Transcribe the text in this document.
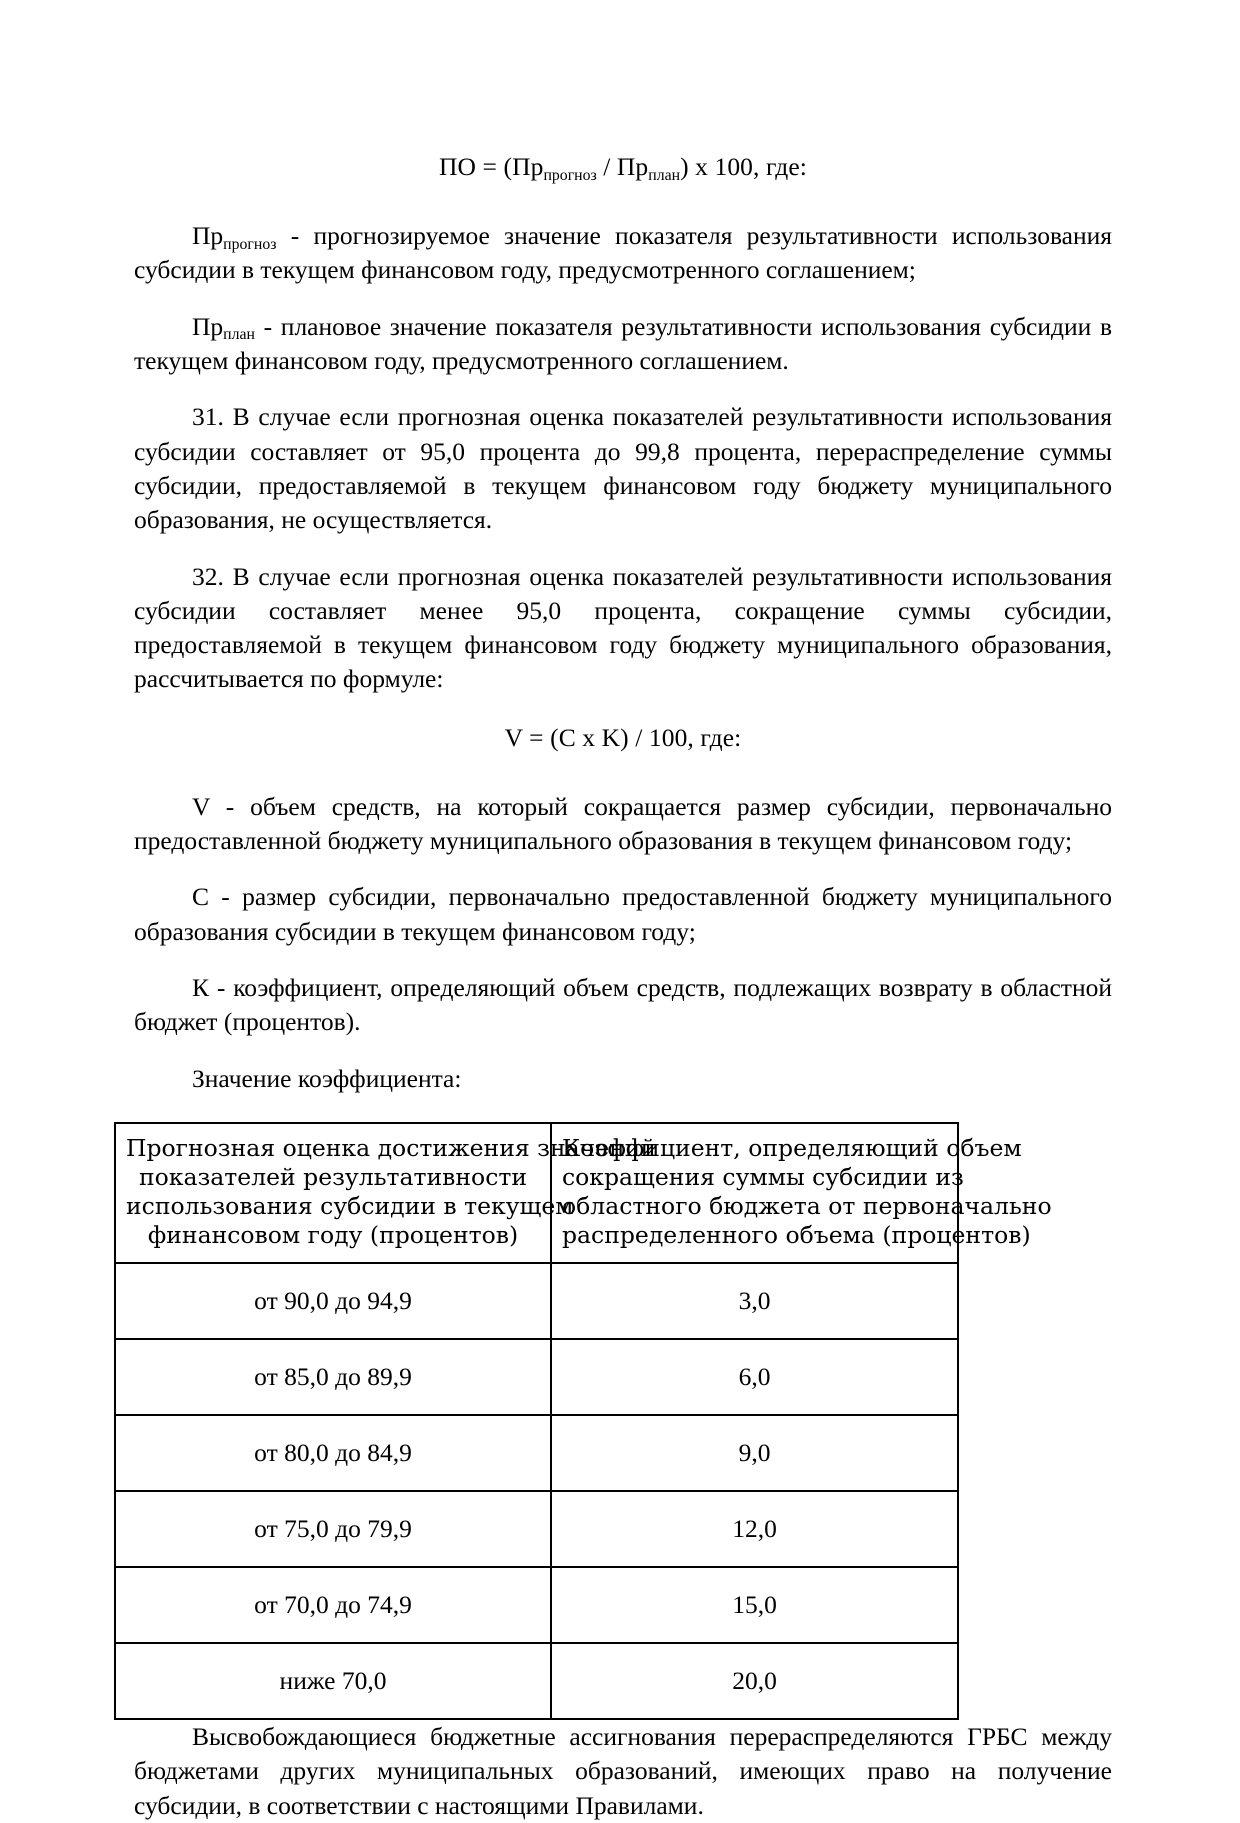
ПО = $(Пр_{прогноз} / Пр_{план})$ x 100, где:

$Пр_{прогноз}$ - прогнозируемое значение показателя результативности использования субсидии в текущем финансовом году, предусмотренного соглашением;

$Пр_{план}$ - плановое значение показателя результативности использования субсидии в текущем финансовом году, предусмотренного соглашением.

31. В случае если прогнозная оценка показателей результативности использования субсидии составляет от 95,0 процента до 99,8 процента, перераспределение суммы субсидии, предоставляемой в текущем финансовом году бюджету муниципального образования, не осуществляется.

32. В случае если прогнозная оценка показателей результативности использования субсидии составляет менее 95,0 процента, сокращение суммы субсидии, предоставляемой в текущем финансовом году бюджету муниципального образования, рассчитывается по формуле:

V = (C x K) / 100, где:

V - объем средств, на который сокращается размер субсидии, первоначально предоставленной бюджету муниципального образования в текущем финансовом году;

C - размер субсидии, первоначально предоставленной бюджету муниципального образования субсидии в текущем финансовом году;

К - коэффициент, определяющий объем средств, подлежащих возврату в областной бюджет (процентов).

Значение коэффициента:
Прогнозная оценка достижения значений
показателей результативности
использования субсидии в текущем
финансовом году (процентов)	Коэффициент, определяющий объем
сокращения суммы субсидии из
областного бюджета от первоначально
распределенного объема (процентов)

от 90,0 до 94,9	3,0
от 85,0 до 89,9	6,0
от 80,0 до 84,9	9,0
от 75,0 до 79,9	12,0
от 70,0 до 74,9	15,0
ниже 70,0	20,0

Высвобождающиеся бюджетные ассигнования перераспределяются ГРБС между бюджетами других муниципальных образований, имеющих право на получение субсидии, в соответствии с настоящими Правилами.
